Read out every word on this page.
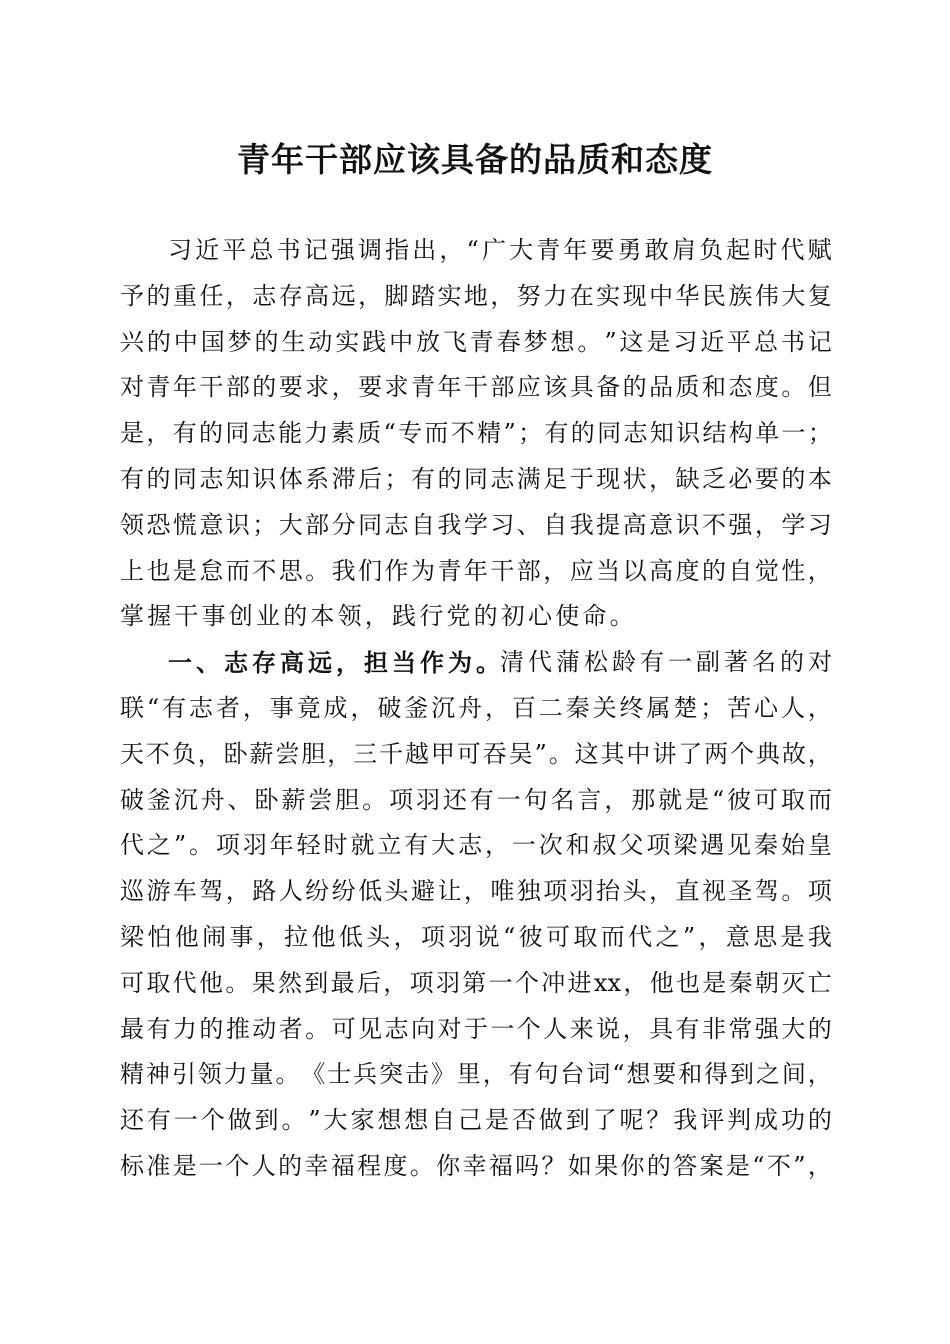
青年干部应该具备的品质和态度
习 近 平 总 书 记 强 调 指 出 ， “ 广 大 青 年 要 勇 敢 肩 负 起 时 代 赋
予 的 重 任 ， 志 存 高 远 ， 脚 踏 实 地 ， 努 力 在 实 现 中 华 民 族 伟 大 复
兴 的 中 国 梦 的 生 动 实 践 中 放 飞 青 春 梦 想 。 ” 这 是 习 近 平 总 书 记
对 青 年 干 部 的 要 求 ， 要 求 青 年 干 部 应 该 具 备 的 品 质 和 态 度 。 但
是 ， 有 的 同 志 能 力 素 质 “ 专 而 不 精 ” ； 有 的 同 志 知 识 结 构 单 一 ；
有 的 同 志 知 识 体 系 滞 后 ； 有 的 同 志 满 足 于 现 状 ， 缺 乏 必 要 的 本
领 恐 慌 意 识 ； 大 部 分 同 志 自 我 学 习 、 自 我 提 高 意 识 不 强 ， 学 习
上 也 是 怠 而 不 思 。 我 们 作 为 青 年 干 部 ， 应 当 以 高 度 的 自 觉 性 ，
掌握干事创业的本领，践行党的初心使命。
一 、 志 存 高 远 ， 担 当 作 为 。 清 代 蒲 松 龄 有 一 副 著 名 的 对
联 “ 有 志 者 ， 事 竟 成 ， 破 釜 沉 舟 ， 百 二 秦 关 终 属 楚 ； 苦 心 人 ，
天 不 负 ， 卧 薪 尝 胆 ， 三 千 越 甲 可 吞 吴 ” 。 这 其 中 讲 了 两 个 典 故 ，
破 釜 沉 舟 、 卧 薪 尝 胆 。 项 羽 还 有 一 句 名 言 ， 那 就 是 “ 彼 可 取 而
代 之 ” 。 项 羽 年 轻 时 就 立 有 大 志 ， 一 次 和 叔 父 项 梁 遇 见 秦 始 皇
巡 游 车 驾 ， 路 人 纷 纷 低 头 避 让 ， 唯 独 项 羽 抬 头 ， 直 视 圣 驾 。 项
梁 怕 他 闹 事 ， 拉 他 低 头 ， 项 羽 说 “ 彼 可 取 而 代 之 ” ， 意 思 是 我
可 取 代 他 。 果 然 到 最 后 ， 项 羽 第 一 个 冲 进 xx ， 他 也 是 秦 朝 灭 亡
最 有 力 的 推 动 者 。 可 见 志 向 对 于 一 个 人 来 说 ， 具 有 非 常 强 大 的
精 神 引 领 力 量 。 《 士 兵 突 击 》 里 ， 有 句 台 词 “ 想 要 和 得 到 之 间 ，
还 有 一 个 做 到 。 ” 大 家 想 想 自 己 是 否 做 到 了 呢 ？ 我 评 判 成 功 的
标 准 是 一 个 人 的 幸 福 程 度 。 你 幸 福 吗 ？ 如 果 你 的 答 案 是 “ 不 ” ，
